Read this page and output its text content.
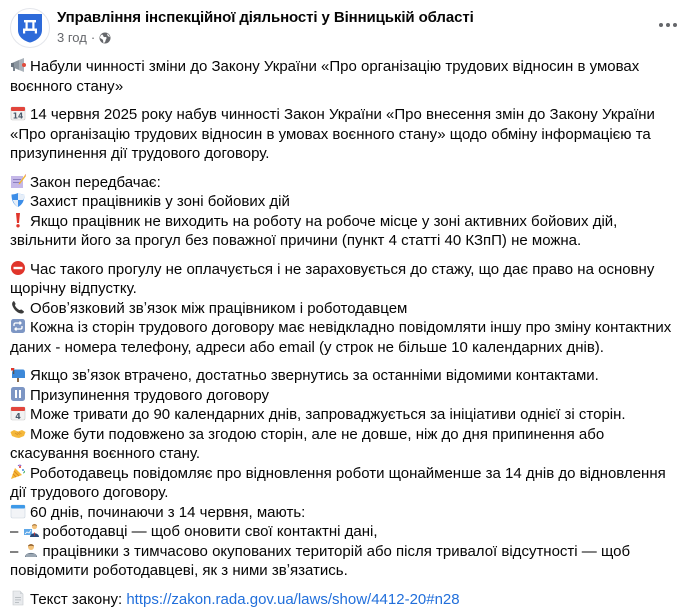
Управління інспекційної діяльності у Вінницькій області
3 год ·
Набули чинності зміни до Закону України «Про організацію трудових відносин в умовах воєнного стану»
14 14 червня 2025 року набув чинності Закон України «Про внесення змін до Закону України «Про організацію трудових відносин в умовах воєнного стану» щодо обміну інформацією та призупинення дії трудового договору.
Закон передбачає:
Захист працівників у зоні бойових дій
Якщо працівник не виходить на роботу на робоче місце у зоні активних бойових дій, звільнити його за прогул без поважної причини (пункт 4 статті 40 КЗпП) не можна.
Час такого прогулу не оплачується і не зараховується до стажу, що дає право на основну щорічну відпустку.
Обовʼязковий звʼязок між працівником і роботодавцем
Кожна із сторін трудового договору має невідкладно повідомляти іншу про зміну контактних даних - номера телефону, адреси або email (у строк не більше 10 календарних днів).
Якщо звʼязок втрачено, достатньо звернутись за останніми відомими контактами.
Призупинення трудового договору
4 Може тривати до 90 календарних днів, запроваджується за ініціативи однієї зі сторін.
Може бути подовжено за згодою сторін, але не довше, ніж до дня припинення або скасування воєнного стану.
Роботодавець повідомляє про відновлення роботи щонайменше за 14 днів до відновлення дії трудового договору.
60 днів, починаючи з 14 червня, мають:
– роботодавці — щоб оновити свої контактні дані,
– працівники з тимчасово окупованих територій або після тривалої відсутності — щоб повідомити роботодавцеві, як з ними звʼязатись.
Текст закону: https://zakon.rada.gov.ua/laws/show/4412-20#n28
